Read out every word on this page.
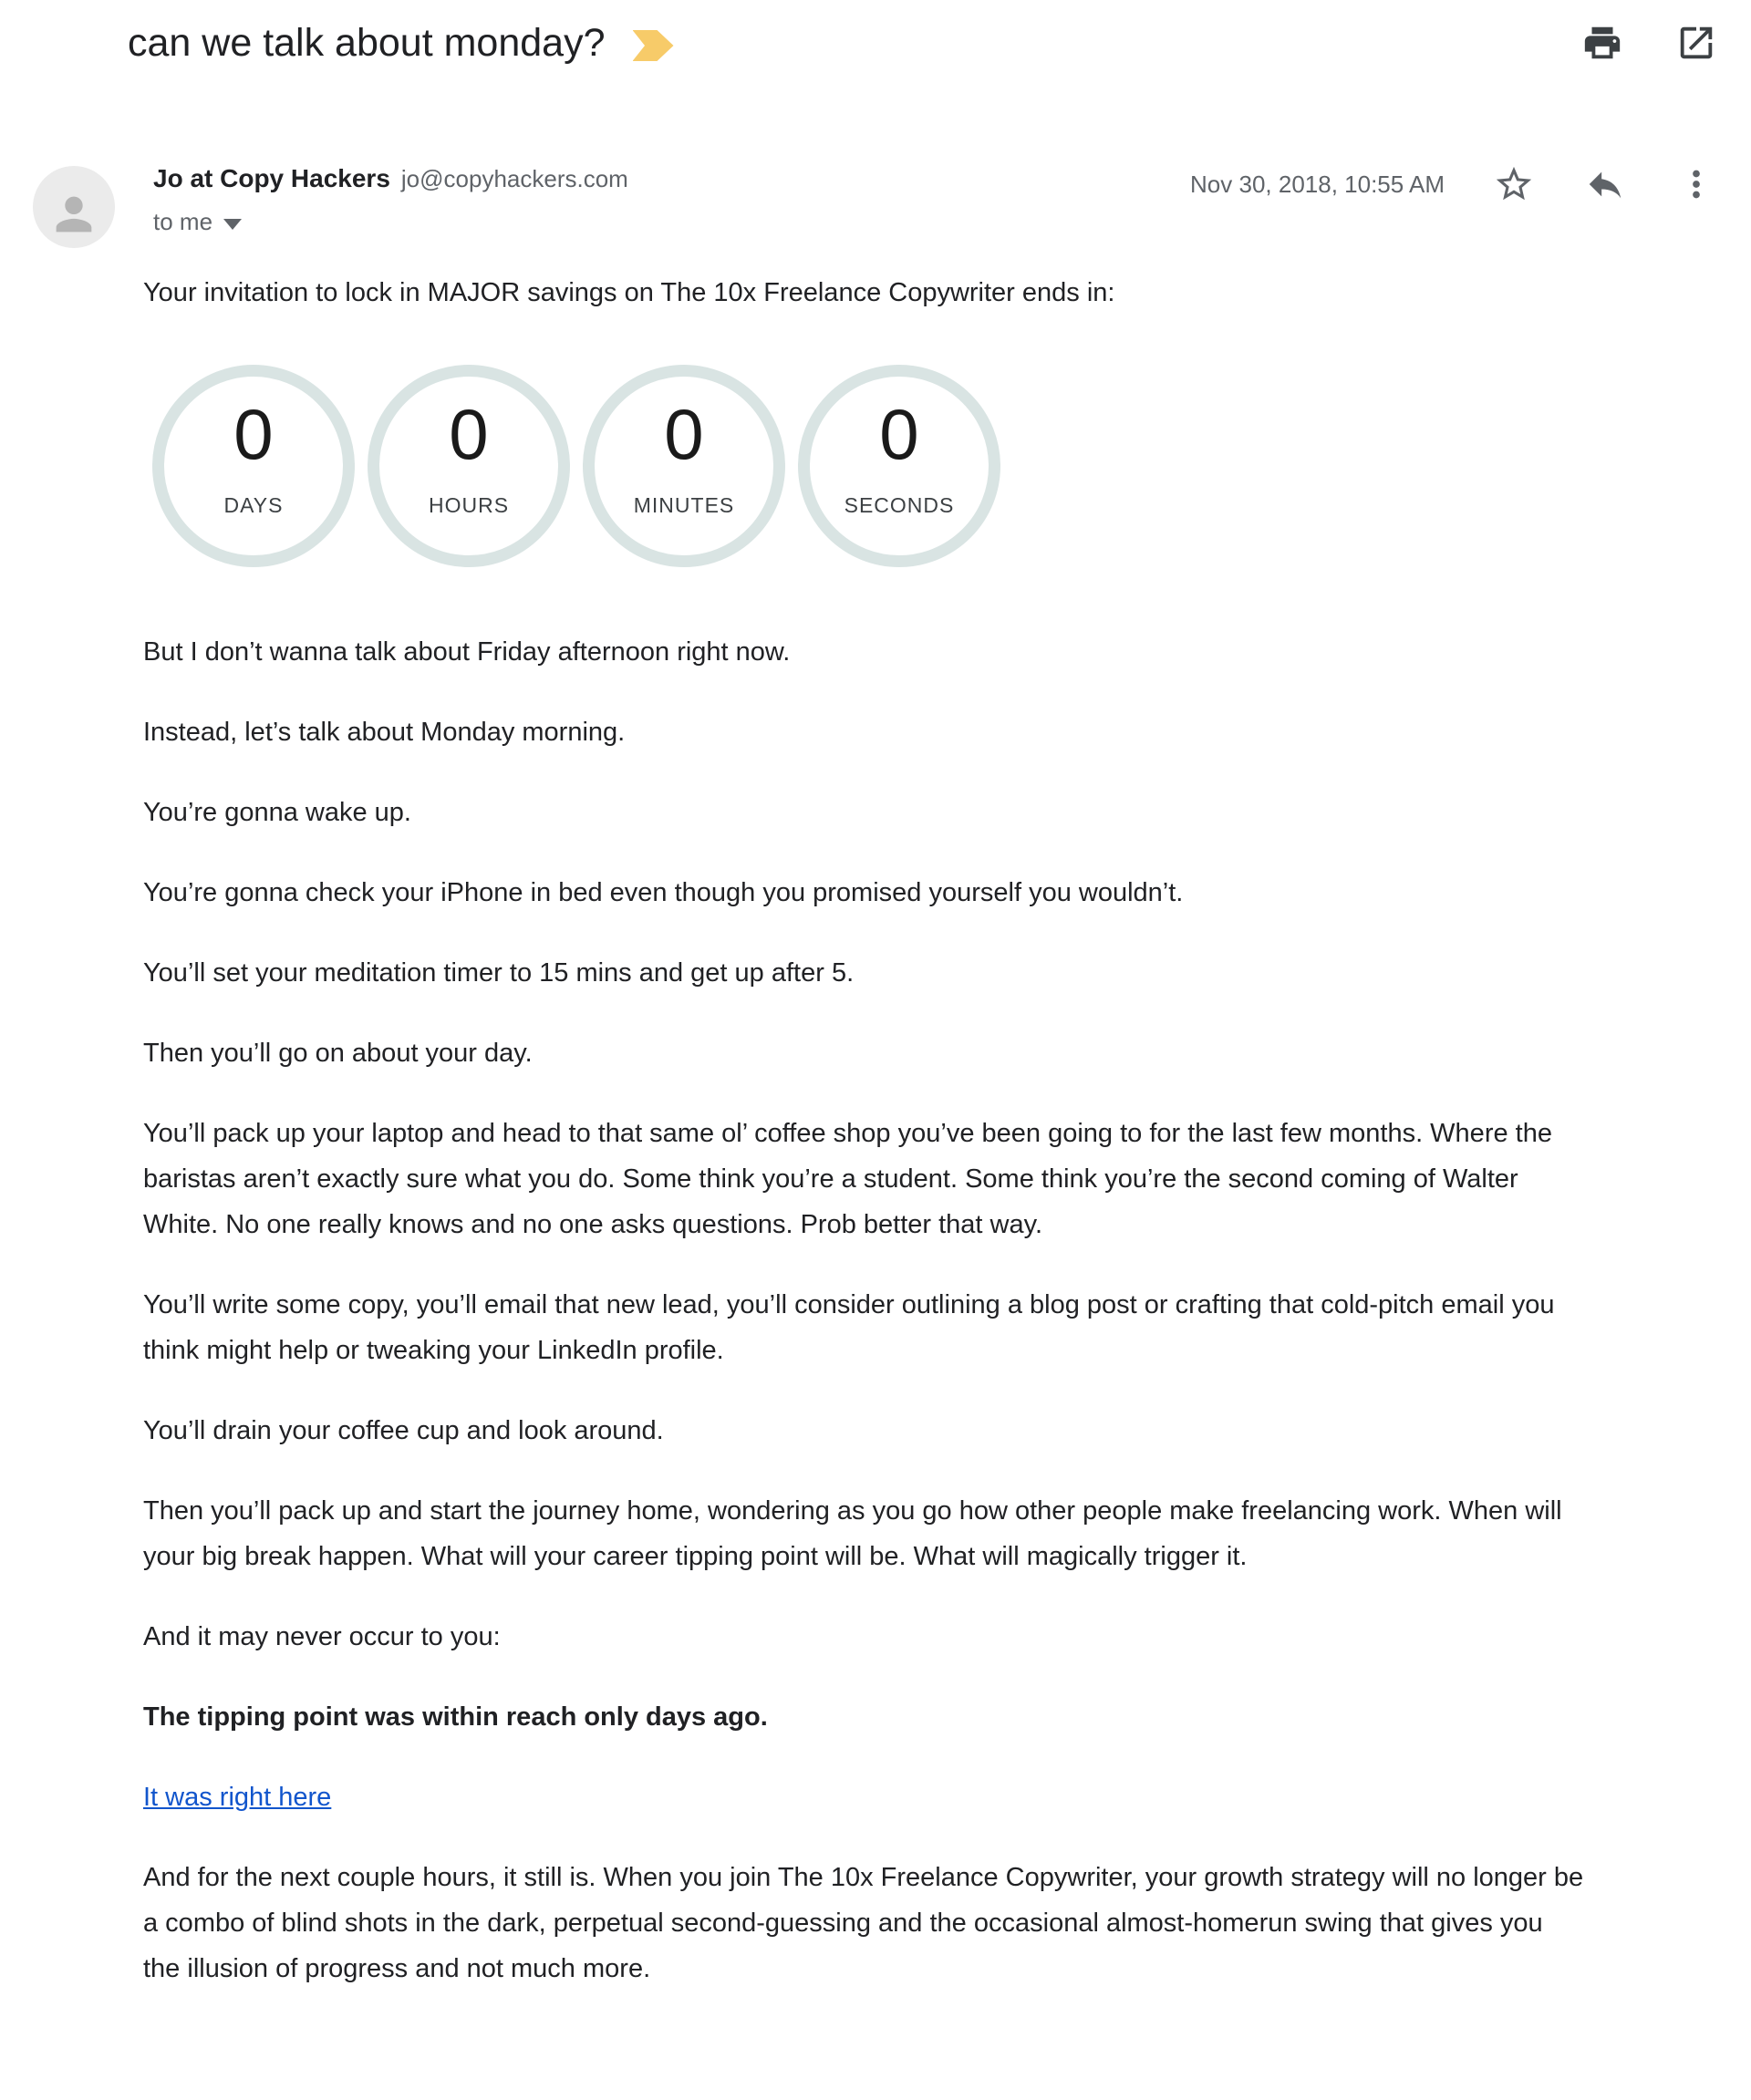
can we talk about monday?
Jo at Copy Hackers jo@copyhackers.com
to me
Nov 30, 2018, 10:55 AM

Your invitation to lock in MAJOR savings on The 10x Freelance Copywriter ends in:

0
DAYS
0
HOURS
0
MINUTES
0
SECONDS

But I don’t wanna talk about Friday afternoon right now.

Instead, let’s talk about Monday morning.

You’re gonna wake up.

You’re gonna check your iPhone in bed even though you promised yourself you wouldn’t.

You’ll set your meditation timer to 15 mins and get up after 5.

Then you’ll go on about your day.

You’ll pack up your laptop and head to that same ol’ coffee shop you’ve been going to for the last few months. Where the baristas aren’t exactly sure what you do. Some think you’re a student. Some think you’re the second coming of Walter White. No one really knows and no one asks questions. Prob better that way.

You’ll write some copy, you’ll email that new lead, you’ll consider outlining a blog post or crafting that cold-pitch email you think might help or tweaking your LinkedIn profile.

You’ll drain your coffee cup and look around.

Then you’ll pack up and start the journey home, wondering as you go how other people make freelancing work. When will your big break happen. What will your career tipping point will be. What will magically trigger it.

And it may never occur to you:

The tipping point was within reach only days ago.

It was right here

And for the next couple hours, it still is. When you join The 10x Freelance Copywriter, your growth strategy will no longer be a combo of blind shots in the dark, perpetual second-guessing and the occasional almost-homerun swing that gives you the illusion of progress and not much more.
